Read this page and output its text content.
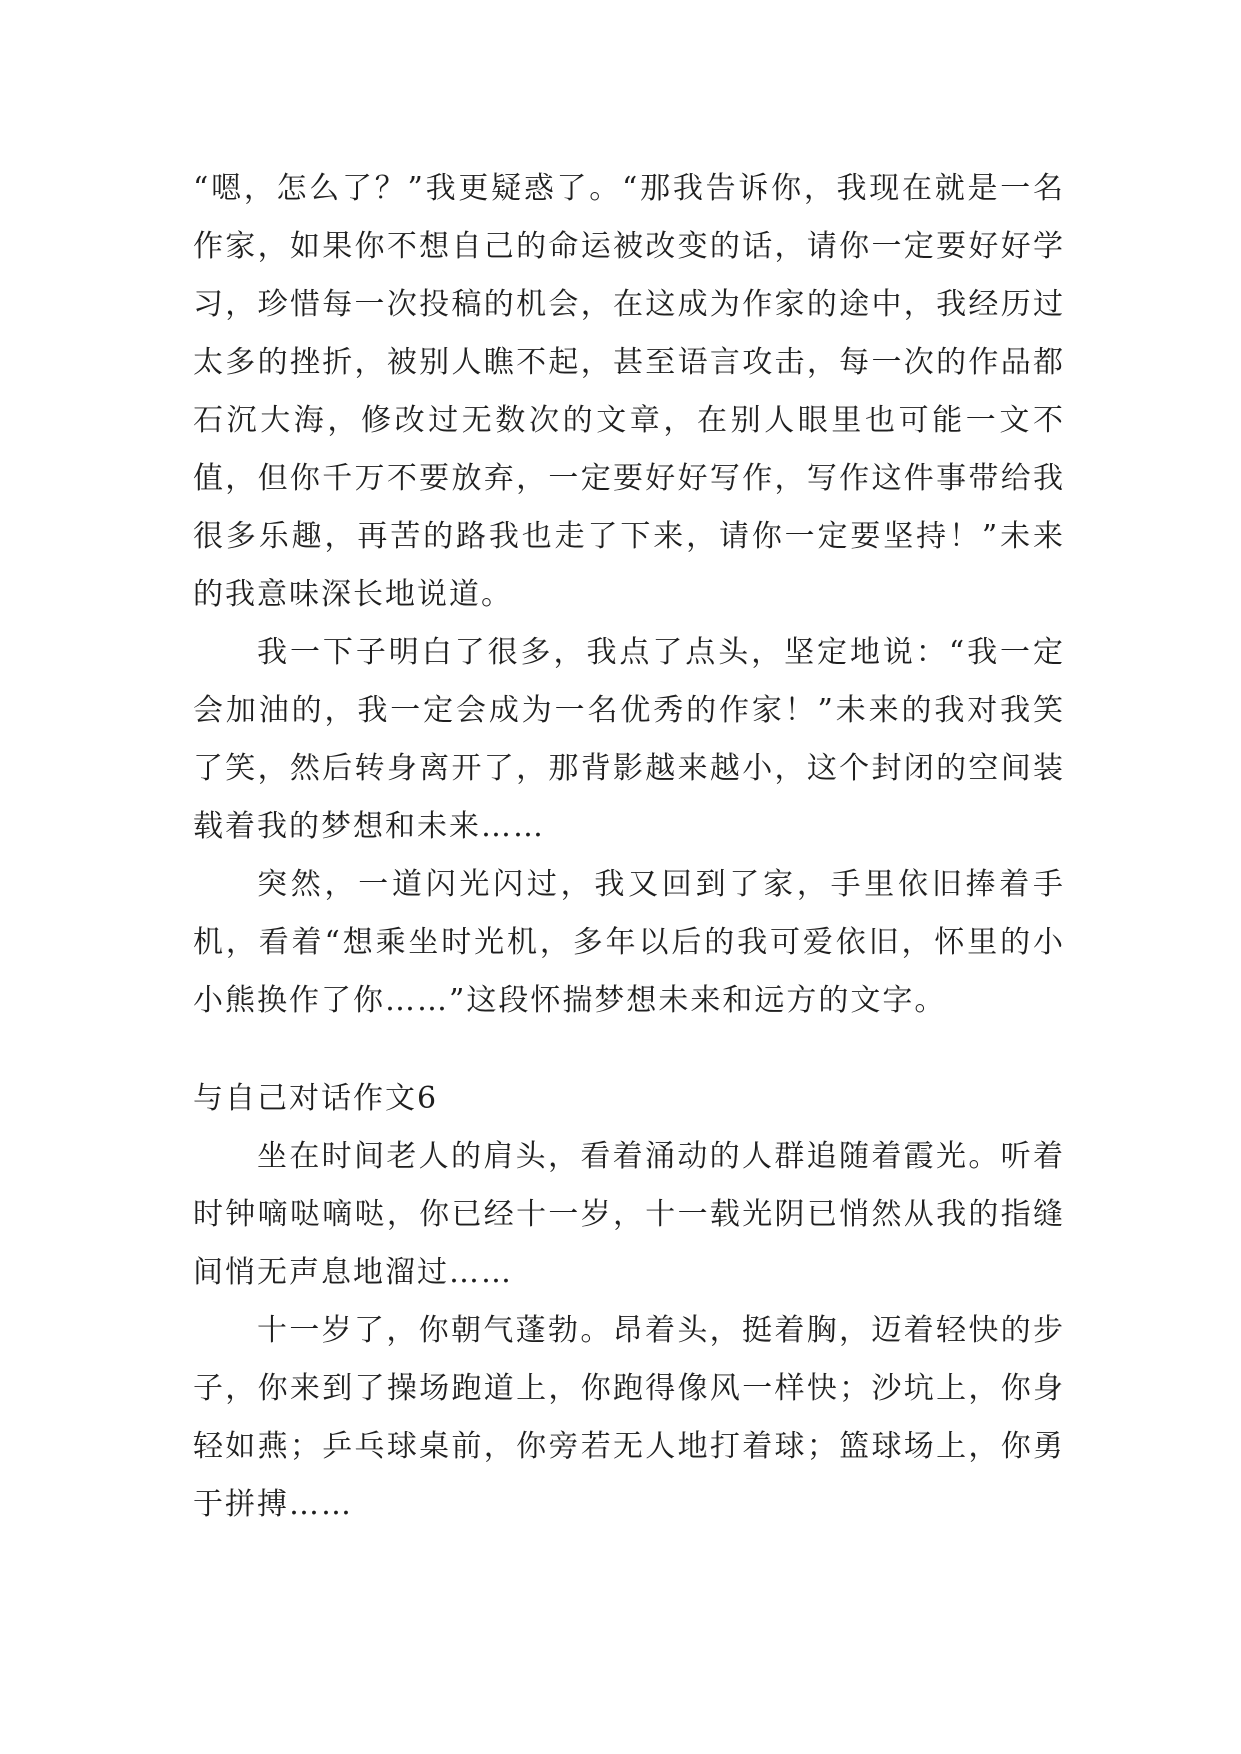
“嗯，怎么了？”我更疑惑了。“那我告诉你，我现在就是一名作家，如果你不想自己的命运被改变的话，请你一定要好好学习，珍惜每一次投稿的机会，在这成为作家的途中，我经历过太多的挫折，被别人瞧不起，甚至语言攻击，每一次的作品都石沉大海，修改过无数次的文章，在别人眼里也可能一文不值，但你千万不要放弃，一定要好好写作，写作这件事带给我很多乐趣，再苦的路我也走了下来，请你一定要坚持！”未来的我意味深长地说道。

我一下子明白了很多，我点了点头，坚定地说：“我一定会加油的，我一定会成为一名优秀的作家！”未来的我对我笑了笑，然后转身离开了，那背影越来越小，这个封闭的空间装载着我的梦想和未来……

突然，一道闪光闪过，我又回到了家，手里依旧捧着手机，看着“想乘坐时光机，多年以后的我可爱依旧，怀里的小小熊换作了你……”这段怀揣梦想未来和远方的文字。

与自己对话作文6

坐在时间老人的肩头，看着涌动的人群追随着霞光。听着时钟嘀哒嘀哒，你已经十一岁，十一载光阴已悄然从我的指缝间悄无声息地溜过……

十一岁了，你朝气蓬勃。昂着头，挺着胸，迈着轻快的步子，你来到了操场跑道上，你跑得像风一样快；沙坑上，你身轻如燕；乒乓球桌前，你旁若无人地打着球；篮球场上，你勇于拼搏……
